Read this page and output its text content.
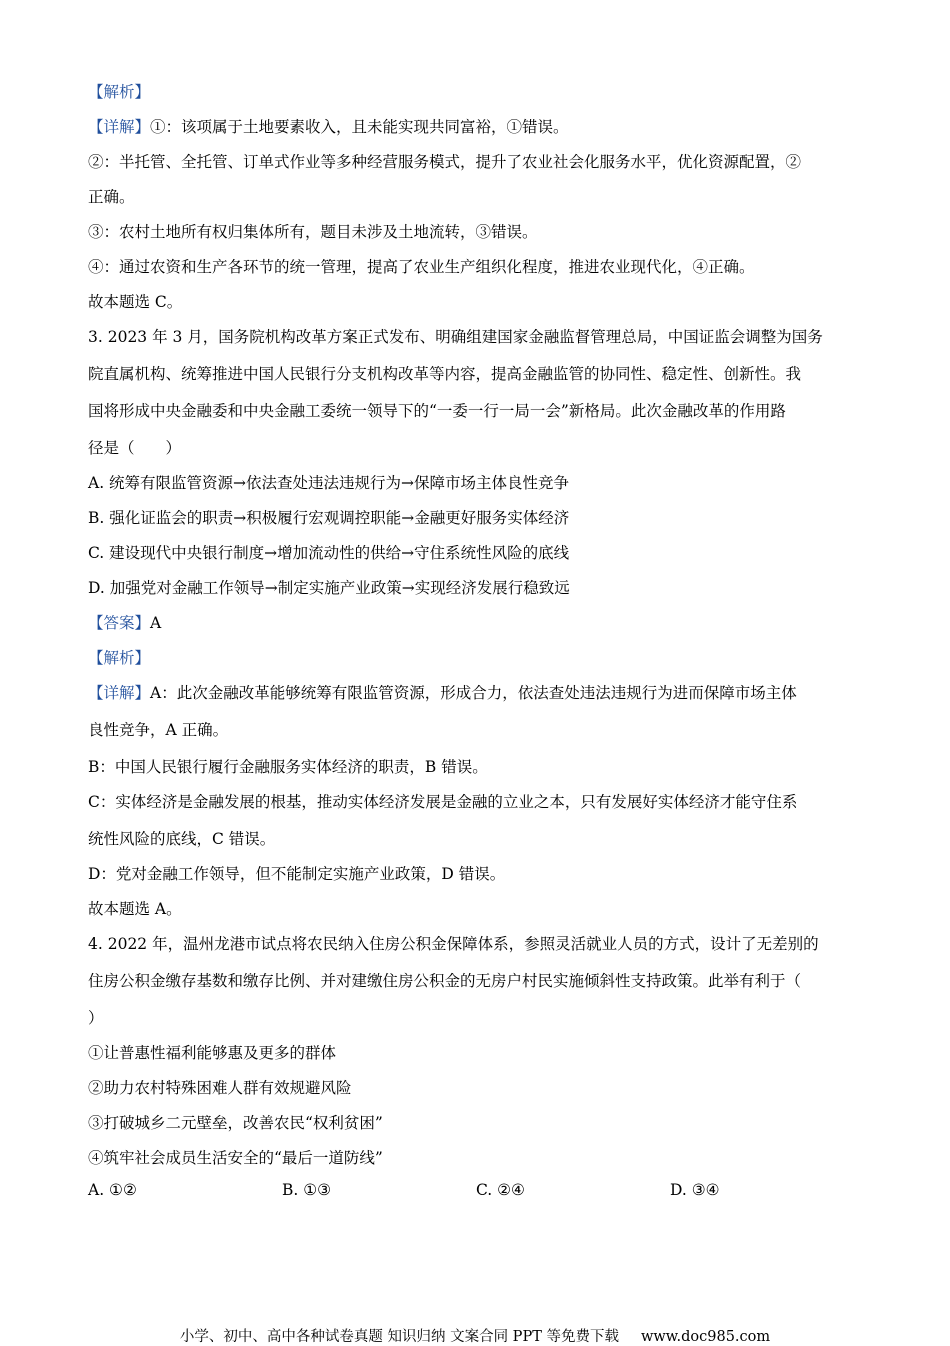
【解析】
【详解】①：该项属于土地要素收入，且未能实现共同富裕，①错误。
②：半托管、全托管、订单式作业等多种经营服务模式，提升了农业社会化服务水平，优化资源配置，②
正确。
③：农村土地所有权归集体所有，题目未涉及土地流转，③错误。
④：通过农资和生产各环节的统一管理，提高了农业生产组织化程度，推进农业现代化，④正确。
故本题选 C。
3. 2023 年 3 月，国务院机构改革方案正式发布、明确组建国家金融监督管理总局，中国证监会调整为国务
院直属机构、统筹推进中国人民银行分支机构改革等内容，提高金融监管的协同性、稳定性、创新性。我
国将形成中央金融委和中央金融工委统一领导下的“一委一行一局一会”新格局。此次金融改革的作用路
径是（　　）
A. 统筹有限监管资源→依法查处违法违规行为→保障市场主体良性竞争
B. 强化证监会的职责→积极履行宏观调控职能→金融更好服务实体经济
C. 建设现代中央银行制度→增加流动性的供给→守住系统性风险的底线
D. 加强党对金融工作领导→制定实施产业政策→实现经济发展行稳致远
【答案】A
【解析】
【详解】A：此次金融改革能够统筹有限监管资源，形成合力，依法查处违法违规行为进而保障市场主体
良性竞争，A 正确。
B：中国人民银行履行金融服务实体经济的职责，B 错误。
C：实体经济是金融发展的根基，推动实体经济发展是金融的立业之本，只有发展好实体经济才能守住系
统性风险的底线，C 错误。
D：党对金融工作领导，但不能制定实施产业政策，D 错误。
故本题选 A。
4. 2022 年，温州龙港市试点将农民纳入住房公积金保障体系，参照灵活就业人员的方式，设计了无差别的
住房公积金缴存基数和缴存比例、并对建缴住房公积金的无房户村民实施倾斜性支持政策。此举有利于（
）
①让普惠性福利能够惠及更多的群体
②助力农村特殊困难人群有效规避风险
③打破城乡二元壁垒，改善农民“权利贫困”
④筑牢社会成员生活安全的“最后一道防线”
A. ①②	B. ①③	C. ②④	D. ③④
小学、初中、高中各种试卷真题 知识归纳 文案合同 PPT 等免费下载 www.doc985.com
